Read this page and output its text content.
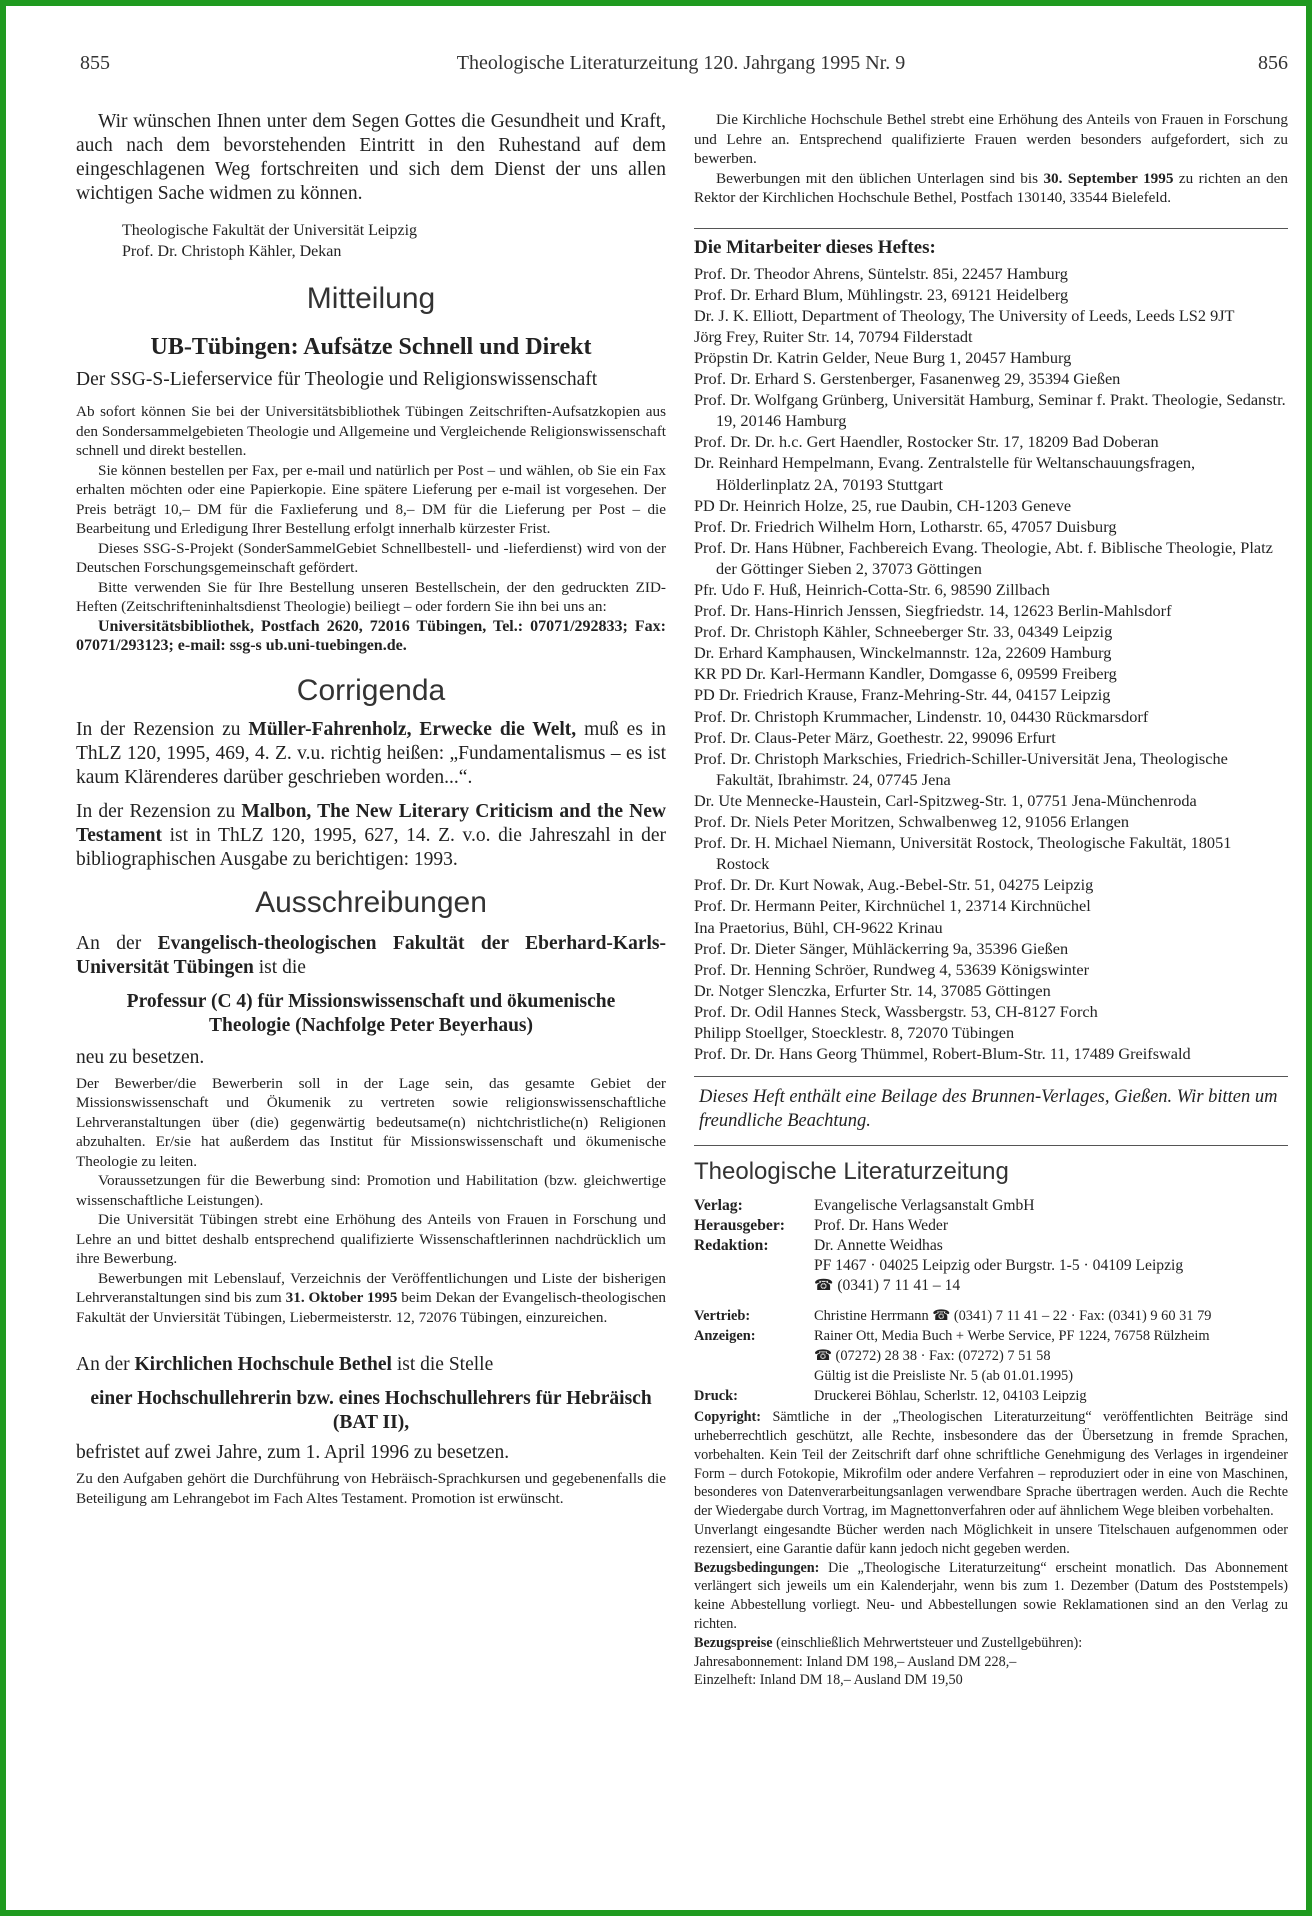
855	Theologische Literaturzeitung 120. Jahrgang 1995 Nr. 9	856

Wir wünschen Ihnen unter dem Segen Gottes die Gesundheit und Kraft, auch nach dem bevorstehenden Eintritt in den Ruhestand auf dem eingeschlagenen Weg fortschreiten und sich dem Dienst der uns allen wichtigen Sache widmen zu können.

Theologische Fakultät der Universität Leipzig

Prof. Dr. Christoph Kähler, Dekan

Mitteilung
UB-Tübingen: Aufsätze Schnell und Direkt

Der SSG-S-Lieferservice für Theologie und Religionswissenschaft

Ab sofort können Sie bei der Universitätsbibliothek Tübingen Zeitschriften-Aufsatzkopien aus den Sondersammelgebieten Theologie und Allgemeine und Vergleichende Religionswissenschaft schnell und direkt bestellen.

Sie können bestellen per Fax, per e-mail und natürlich per Post – und wählen, ob Sie ein Fax erhalten möchten oder eine Papierkopie. Eine spätere Lieferung per e-mail ist vorgesehen. Der Preis beträgt 10,– DM für die Faxlieferung und 8,– DM für die Lieferung per Post – die Bearbeitung und Erledigung Ihrer Bestellung erfolgt innerhalb kürzester Frist.

Dieses SSG-S-Projekt (SonderSammelGebiet Schnellbestell- und -lieferdienst) wird von der Deutschen Forschungsgemeinschaft gefördert.

Bitte verwenden Sie für Ihre Bestellung unseren Bestellschein, der den gedruckten ZID-Heften (Zeitschrifteninhaltsdienst Theologie) beiliegt – oder fordern Sie ihn bei uns an:

Universitätsbibliothek, Postfach 2620, 72016 Tübingen, Tel.: 07071/292833; Fax: 07071/293123; e-mail: ssg-s ub.uni-tuebingen.de.

Corrigenda

In der Rezension zu Müller-Fahrenholz, Erwecke die Welt, muß es in ThLZ 120, 1995, 469, 4. Z. v.u. richtig heißen: „Fundamentalismus – es ist kaum Klärenderes darüber geschrieben worden...“.

In der Rezension zu Malbon, The New Literary Criticism and the New Testament ist in ThLZ 120, 1995, 627, 14. Z. v.o. die Jahreszahl in der bibliographischen Ausgabe zu berichtigen: 1993.

Ausschreibungen

An der Evangelisch-theologischen Fakultät der Eberhard-Karls-Universität Tübingen ist die

Professur (C 4) für Missionswissenschaft und ökumenische Theologie (Nachfolge Peter Beyerhaus)

neu zu besetzen.

Der Bewerber/die Bewerberin soll in der Lage sein, das gesamte Gebiet der Missionswissenschaft und Ökumenik zu vertreten sowie religionswissenschaftliche Lehrveranstaltungen über (die) gegenwärtig bedeutsame(n) nichtchristliche(n) Religionen abzuhalten. Er/sie hat außerdem das Institut für Missionswissenschaft und ökumenische Theologie zu leiten.

Voraussetzungen für die Bewerbung sind: Promotion und Habilitation (bzw. gleichwertige wissenschaftliche Leistungen).

Die Universität Tübingen strebt eine Erhöhung des Anteils von Frauen in Forschung und Lehre an und bittet deshalb entsprechend qualifizierte Wissenschaftlerinnen nachdrücklich um ihre Bewerbung.

Bewerbungen mit Lebenslauf, Verzeichnis der Veröffentlichungen und Liste der bisherigen Lehrveranstaltungen sind bis zum 31. Oktober 1995 beim Dekan der Evangelisch-theologischen Fakultät der Unviersität Tübingen, Liebermeisterstr. 12, 72076 Tübingen, einzureichen.

An der Kirchlichen Hochschule Bethel ist die Stelle

einer Hochschullehrerin bzw. eines Hochschullehrers für Hebräisch (BAT II),

befristet auf zwei Jahre, zum 1. April 1996 zu besetzen.

Zu den Aufgaben gehört die Durchführung von Hebräisch-Sprachkursen und gegebenenfalls die Beteiligung am Lehrangebot im Fach Altes Testament. Promotion ist erwünscht.

Die Kirchliche Hochschule Bethel strebt eine Erhöhung des Anteils von Frauen in Forschung und Lehre an. Entsprechend qualifizierte Frauen werden besonders aufgefordert, sich zu bewerben.

Bewerbungen mit den üblichen Unterlagen sind bis 30. September 1995 zu richten an den Rektor der Kirchlichen Hochschule Bethel, Postfach 130140, 33544 Bielefeld.

Die Mitarbeiter dieses Heftes:

Prof. Dr. Theodor Ahrens, Süntelstr. 85i, 22457 Hamburg

Prof. Dr. Erhard Blum, Mühlingstr. 23, 69121 Heidelberg

Dr. J. K. Elliott, Department of Theology, The University of Leeds, Leeds LS2 9JT

Jörg Frey, Ruiter Str. 14, 70794 Filderstadt

Pröpstin Dr. Katrin Gelder, Neue Burg 1, 20457 Hamburg

Prof. Dr. Erhard S. Gerstenberger, Fasanenweg 29, 35394 Gießen

Prof. Dr. Wolfgang Grünberg, Universität Hamburg, Seminar f. Prakt. Theologie, Sedanstr. 19, 20146 Hamburg

Prof. Dr. Dr. h.c. Gert Haendler, Rostocker Str. 17, 18209 Bad Doberan

Dr. Reinhard Hempelmann, Evang. Zentralstelle für Weltanschauungsfragen, Hölderlinplatz 2A, 70193 Stuttgart

PD Dr. Heinrich Holze, 25, rue Daubin, CH-1203 Geneve

Prof. Dr. Friedrich Wilhelm Horn, Lotharstr. 65, 47057 Duisburg

Prof. Dr. Hans Hübner, Fachbereich Evang. Theologie, Abt. f. Biblische Theologie, Platz der Göttinger Sieben 2, 37073 Göttingen

Pfr. Udo F. Huß, Heinrich-Cotta-Str. 6, 98590 Zillbach

Prof. Dr. Hans-Hinrich Jenssen, Siegfriedstr. 14, 12623 Berlin-Mahlsdorf

Prof. Dr. Christoph Kähler, Schneeberger Str. 33, 04349 Leipzig

Dr. Erhard Kamphausen, Winckelmannstr. 12a, 22609 Hamburg

KR PD Dr. Karl-Hermann Kandler, Domgasse 6, 09599 Freiberg

PD Dr. Friedrich Krause, Franz-Mehring-Str. 44, 04157 Leipzig

Prof. Dr. Christoph Krummacher, Lindenstr. 10, 04430 Rückmarsdorf

Prof. Dr. Claus-Peter März, Goethestr. 22, 99096 Erfurt

Prof. Dr. Christoph Markschies, Friedrich-Schiller-Universität Jena, Theologische Fakultät, Ibrahimstr. 24, 07745 Jena

Dr. Ute Mennecke-Haustein, Carl-Spitzweg-Str. 1, 07751 Jena-Münchenroda

Prof. Dr. Niels Peter Moritzen, Schwalbenweg 12, 91056 Erlangen

Prof. Dr. H. Michael Niemann, Universität Rostock, Theologische Fakultät, 18051 Rostock

Prof. Dr. Dr. Kurt Nowak, Aug.-Bebel-Str. 51, 04275 Leipzig

Prof. Dr. Hermann Peiter, Kirchnüchel 1, 23714 Kirchnüchel

Ina Praetorius, Bühl, CH-9622 Krinau

Prof. Dr. Dieter Sänger, Mühläckerring 9a, 35396 Gießen

Prof. Dr. Henning Schröer, Rundweg 4, 53639 Königswinter

Dr. Notger Slenczka, Erfurter Str. 14, 37085 Göttingen

Prof. Dr. Odil Hannes Steck, Wassbergstr. 53, CH-8127 Forch

Philipp Stoellger, Stoecklestr. 8, 72070 Tübingen

Prof. Dr. Dr. Hans Georg Thümmel, Robert-Blum-Str. 11, 17489 Greifswald

Dieses Heft enthält eine Beilage des Brunnen-Verlages, Gießen. Wir bitten um freundliche Beachtung.

Theologische Literaturzeitung
Verlag:	Evangelische Verlagsanstalt GmbH
Herausgeber:	Prof. Dr. Hans Weder
Redaktion:	Dr. Annette Weidhas
PF 1467 · 04025 Leipzig oder Burgstr. 1-5 · 04109 Leipzig
☎ (0341) 7 11 41 – 14
Vertrieb:	Christine Herrmann ☎ (0341) 7 11 41 – 22 · Fax: (0341) 9 60 31 79
Anzeigen:	Rainer Ott, Media Buch + Werbe Service, PF 1224, 76758 Rülzheim
☎ (07272) 28 38 · Fax: (07272) 7 51 58
Gültig ist die Preisliste Nr. 5 (ab 01.01.1995)
Druck:	Druckerei Böhlau, Scherlstr. 12, 04103 Leipzig

Copyright: Sämtliche in der „Theologischen Literaturzeitung“ veröffentlichten Beiträge sind urheberrechtlich geschützt, alle Rechte, insbesondere das der Übersetzung in fremde Sprachen, vorbehalten. Kein Teil der Zeitschrift darf ohne schriftliche Genehmigung des Verlages in irgendeiner Form – durch Fotokopie, Mikrofilm oder andere Verfahren – reproduziert oder in eine von Maschinen, besonderes von Datenverarbeitungsanlagen verwendbare Sprache übertragen werden. Auch die Rechte der Wiedergabe durch Vortrag, im Magnettonverfahren oder auf ähnlichem Wege bleiben vorbehalten.

Unverlangt eingesandte Bücher werden nach Möglichkeit in unsere Titelschauen aufgenommen oder rezensiert, eine Garantie dafür kann jedoch nicht gegeben werden.

Bezugsbedingungen: Die „Theologische Literaturzeitung“ erscheint monatlich. Das Abonnement verlängert sich jeweils um ein Kalenderjahr, wenn bis zum 1. Dezember (Datum des Poststempels) keine Abbestellung vorliegt. Neu- und Abbestellungen sowie Reklamationen sind an den Verlag zu richten.

Bezugspreise (einschließlich Mehrwertsteuer und Zustellgebühren):

Jahresabonnement: Inland DM 198,– Ausland DM 228,–

Einzelheft: Inland DM 18,– Ausland DM 19,50
